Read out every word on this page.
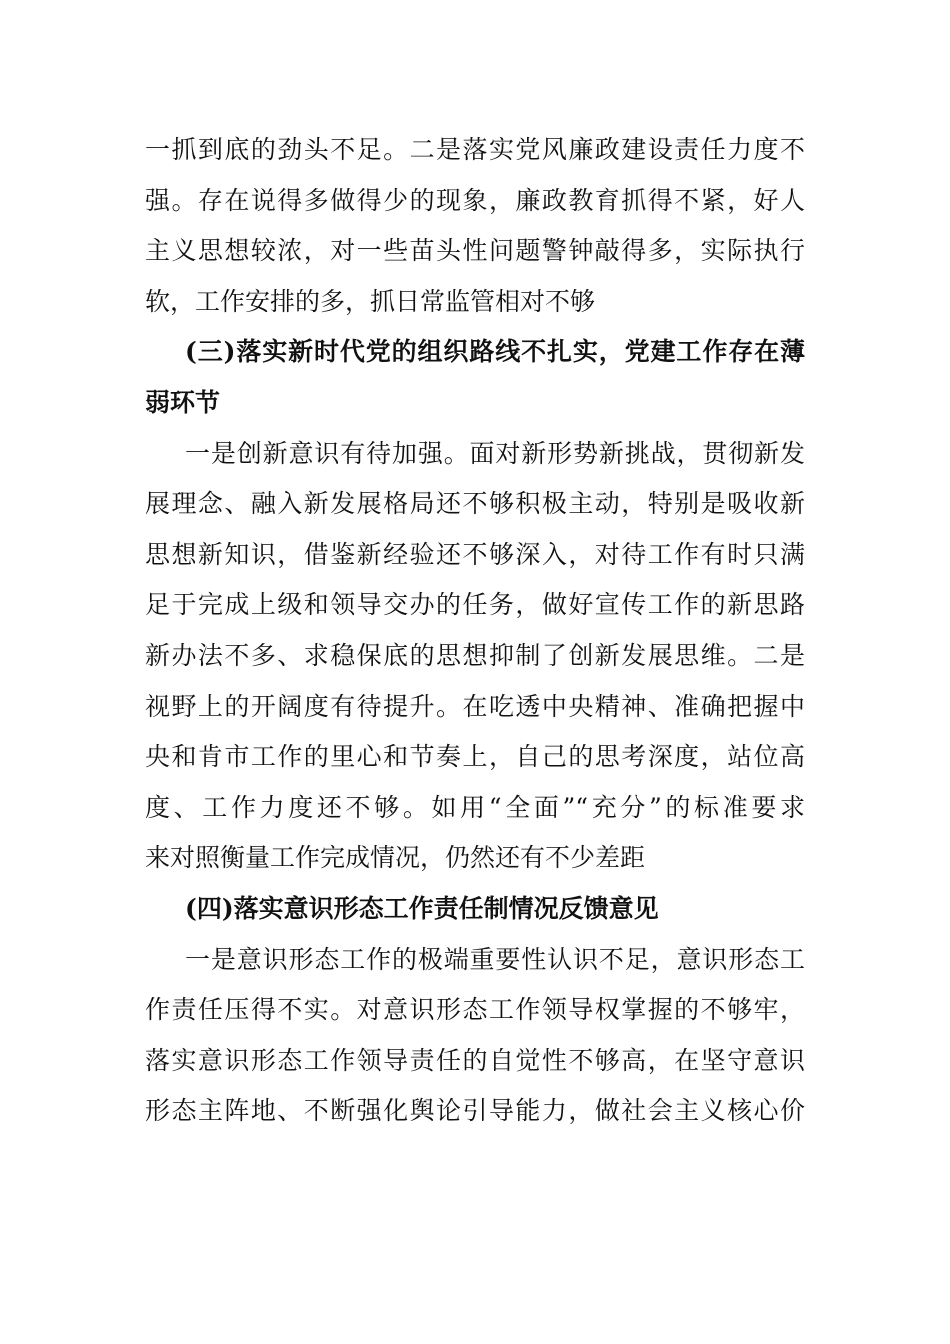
一抓到底的劲头不足。二是落实党风廉政建设责任力度不
强。存在说得多做得少的现象，廉政教育抓得不紧，好人
主义思想较浓，对一些苗头性问题警钟敲得多，实际执行
软，工作安排的多，抓日常监管相对不够
(三)落实新时代党的组织路线不扎实，党建工作存在薄
弱环节
一是创新意识有待加强。面对新形势新挑战，贯彻新发
展理念、融入新发展格局还不够积极主动，特别是吸收新
思想新知识，借鉴新经验还不够深入，对待工作有时只满
足于完成上级和领导交办的任务，做好宣传工作的新思路
新办法不多、求稳保底的思想抑制了创新发展思维。二是
视野上的开阔度有待提升。在吃透中央精神、准确把握中
央和肯市工作的里心和节奏上，自己的思考深度，站位高
度、工作力度还不够。如用“全面”“充分”的标准要求
来对照衡量工作完成情况，仍然还有不少差距
(四)落实意识形态工作责任制情况反馈意见
一是意识形态工作的极端重要性认识不足，意识形态工
作责任压得不实。对意识形态工作领导权掌握的不够牢，
落实意识形态工作领导责任的自觉性不够高，在坚守意识
形态主阵地、不断强化舆论引导能力，做社会主义核心价
